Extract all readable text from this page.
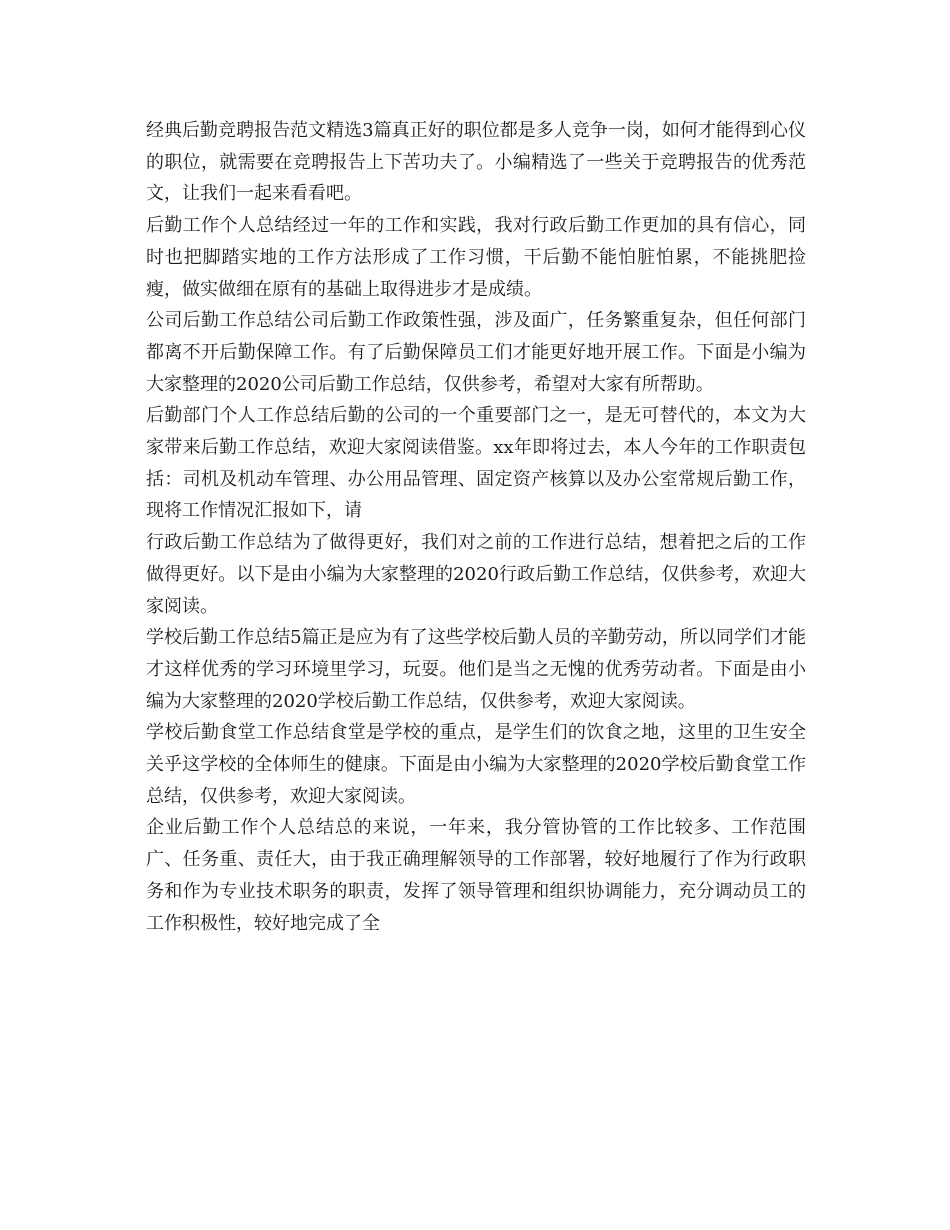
经典后勤竞聘报告范文精选3篇真正好的职位都是多人竞争一岗，如何才能得到心仪的职位，就需要在竞聘报告上下苦功夫了。小编精选了一些关于竞聘报告的优秀范文，让我们一起来看看吧。

后勤工作个人总结经过一年的工作和实践，我对行政后勤工作更加的具有信心，同时也把脚踏实地的工作方法形成了工作习惯，干后勤不能怕脏怕累，不能挑肥捡瘦，做实做细在原有的基础上取得进步才是成绩。

公司后勤工作总结公司后勤工作政策性强，涉及面广，任务繁重复杂，但任何部门都离不开后勤保障工作。有了后勤保障员工们才能更好地开展工作。下面是小编为大家整理的2020公司后勤工作总结，仅供参考，希望对大家有所帮助。

后勤部门个人工作总结后勤的公司的一个重要部门之一，是无可替代的，本文为大家带来后勤工作总结，欢迎大家阅读借鉴。xx年即将过去，本人今年的工作职责包括：司机及机动车管理、办公用品管理、固定资产核算以及办公室常规后勤工作，现将工作情况汇报如下，请

行政后勤工作总结为了做得更好，我们对之前的工作进行总结，想着把之后的工作做得更好。以下是由小编为大家整理的2020行政后勤工作总结，仅供参考，欢迎大家阅读。

学校后勤工作总结5篇正是应为有了这些学校后勤人员的辛勤劳动，所以同学们才能才这样优秀的学习环境里学习，玩耍。他们是当之无愧的优秀劳动者。下面是由小编为大家整理的2020学校后勤工作总结，仅供参考，欢迎大家阅读。

学校后勤食堂工作总结食堂是学校的重点，是学生们的饮食之地，这里的卫生安全关乎这学校的全体师生的健康。下面是由小编为大家整理的2020学校后勤食堂工作总结，仅供参考，欢迎大家阅读。

企业后勤工作个人总结总的来说，一年来，我分管协管的工作比较多、工作范围广、任务重、责任大，由于我正确理解领导的工作部署，较好地履行了作为行政职务和作为专业技术职务的职责，发挥了领导管理和组织协调能力，充分调动员工的工作积极性，较好地完成了全
